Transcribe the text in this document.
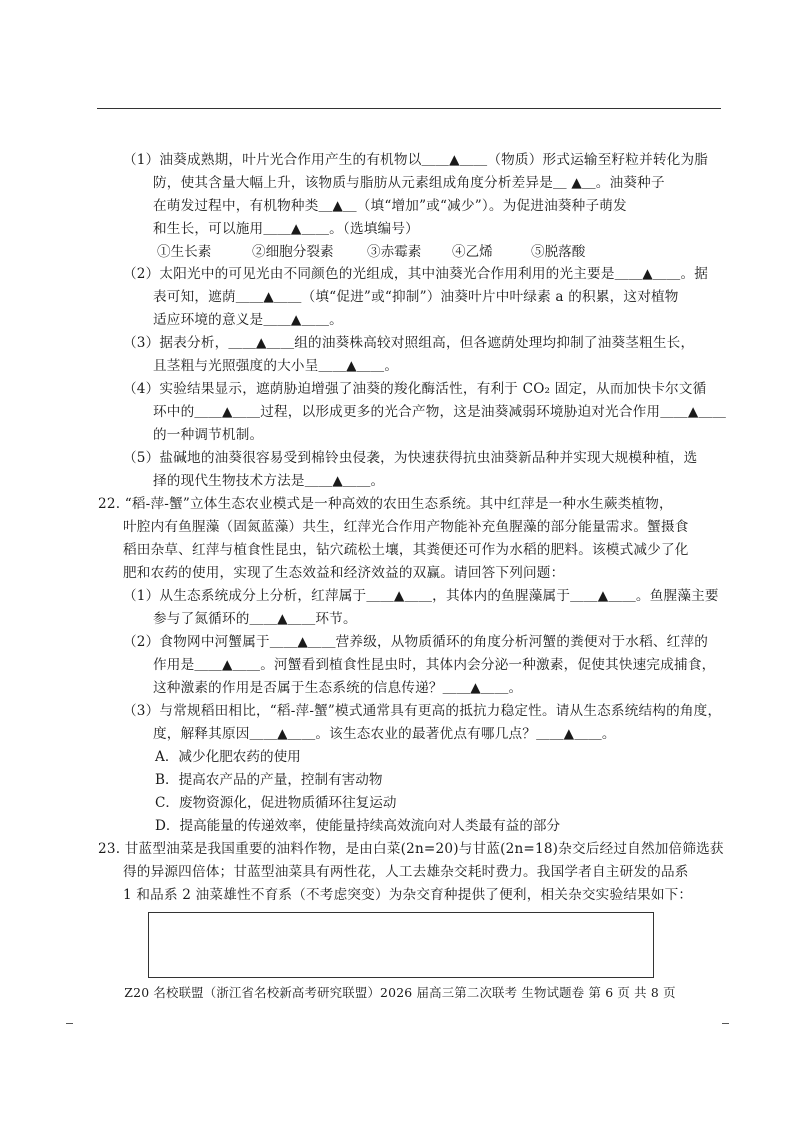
（1）油葵成熟期，叶片光合作用产生的有机物以＿＿▲＿＿（物质）形式运输至籽粒并转化为脂
防，使其含量大幅上升，该物质与脂肪从元素组成角度分析差异是＿ ▲＿。油葵种子
在萌发过程中，有机物种类＿▲＿（填“增加”或“减少”）。为促进油葵种子萌发
和生长，可以施用＿＿▲＿＿。（选填编号）
①生长素	②细胞分裂素 ③赤霉素 ④乙烯	⑤脱落酸
（2）太阳光中的可见光由不同颜色的光组成，其中油葵光合作用利用的光主要是＿＿▲＿＿。据
表可知，遮荫＿＿▲＿＿（填“促进”或“抑制”）油葵叶片中叶绿素 a 的积累，这对植物
适应环境的意义是＿＿▲＿＿。
（3）据表分析，＿＿▲＿＿组的油葵株高较对照组高，但各遮荫处理均抑制了油葵茎粗生长，
且茎粗与光照强度的大小呈＿＿▲＿＿。
（4）实验结果显示，遮荫胁迫增强了油葵的羧化酶活性，有利于 CO₂ 固定，从而加快卡尔文循
环中的＿＿▲＿＿过程，以形成更多的光合产物，这是油葵减弱环境胁迫对光合作用＿＿▲＿＿
的一种调节机制。
（5）盐碱地的油葵很容易受到棉铃虫侵袭，为快速获得抗虫油葵新品种并实现大规模种植，选
择的现代生物技术方法是＿＿▲＿＿。
22. “稻-萍-蟹”立体生态农业模式是一种高效的农田生态系统。其中红萍是一种水生蕨类植物，
叶腔内有鱼腥藻（固氮蓝藻）共生，红萍光合作用产物能补充鱼腥藻的部分能量需求。蟹摄食
稻田杂草、红萍与植食性昆虫，钻穴疏松土壤，其粪便还可作为水稻的肥料。该模式减少了化
肥和农药的使用，实现了生态效益和经济效益的双赢。请回答下列问题：
（1）从生态系统成分上分析，红萍属于＿＿▲＿＿，其体内的鱼腥藻属于＿＿▲＿＿。鱼腥藻主要
参与了氮循环的＿＿▲＿＿环节。
（2）食物网中河蟹属于＿＿▲＿＿营养级，从物质循环的角度分析河蟹的粪便对于水稻、红萍的
作用是＿＿▲＿＿。河蟹看到植食性昆虫时，其体内会分泌一种激素，促使其快速完成捕食，
这种激素的作用是否属于生态系统的信息传递？＿＿▲＿＿。
（3）与常规稻田相比，“稻-萍-蟹”模式通常具有更高的抵抗力稳定性。请从生态系统结构的角度，
度，解释其原因＿＿▲＿＿。该生态农业的最著优点有哪几点？＿＿▲＿＿。
A．减少化肥农药的使用
B．提高农产品的产量，控制有害动物
C．废物资源化，促进物质循环往复运动
D．提高能量的传递效率，使能量持续高效流向对人类最有益的部分
23. 甘蓝型油菜是我国重要的油料作物，是由白菜(2n=20)与甘蓝(2n=18)杂交后经过自然加倍筛选获
得的异源四倍体；甘蓝型油菜具有两性花，人工去雄杂交耗时费力。我国学者自主研发的品系
1 和品系 2 油菜雄性不育系（不考虑突变）为杂交育种提供了便利，相关杂交实验结果如下：
Z20 名校联盟（浙江省名校新高考研究联盟）2026 届高三第二次联考 生物试题卷 第 6 页 共 8 页
